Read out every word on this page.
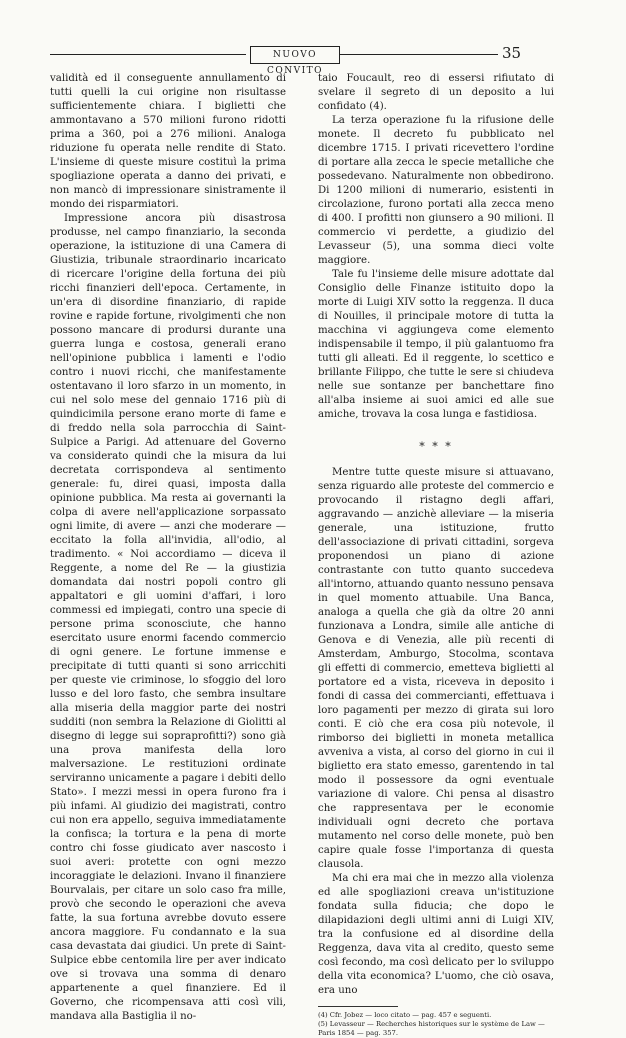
NUOVO CONVITO
35

validità ed il conseguente annullamento di tutti quelli la cui origine non risultasse sufficientemente chiara. I biglietti che ammontavano a 570 milioni furono ridotti prima a 360, poi a 276 milioni. Analoga riduzione fu operata nelle rendite di Stato. L'insieme di queste misure costituì la prima spogliazione operata a danno dei privati, e non mancò di impressionare sinistramente il mondo dei risparmiatori.

Impressione ancora più disastrosa produsse, nel campo finanziario, la seconda operazione, la istituzione di una Camera di Giustizia, tribunale straordinario incaricato di ricercare l'origine della fortuna dei più ricchi finanzieri dell'epoca. Certamente, in un'era di disordine finanziario, di rapide rovine e rapide fortune, rivolgimenti che non possono mancare di prodursi durante una guerra lunga e costosa, generali erano nell'opinione pubblica i lamenti e l'odio contro i nuovi ricchi, che manifestamente ostentavano il loro sfarzo in un momento, in cui nel solo mese del gennaio 1716 più di quindicimila persone erano morte di fame e di freddo nella sola parrocchia di Saint-Sulpice a Parigi. Ad attenuare del Governo va considerato quindi che la misura da lui decretata corrispondeva al sentimento generale: fu, direi quasi, imposta dalla opinione pubblica. Ma resta ai governanti la colpa di avere nell'applicazione sorpassato ogni limite, di avere — anzi che moderare — eccitato la folla all'invidia, all'odio, al tradimento. « Noi accordiamo — diceva il Reggente, a nome del Re — la giustizia domandata dai nostri popoli contro gli appaltatori e gli uomini d'affari, i loro commessi ed impiegati, contro una specie di persone prima sconosciute, che hanno esercitato usure enormi facendo commercio di ogni genere. Le fortune immense e precipitate di tutti quanti si sono arricchiti per queste vie criminose, lo sfoggio del loro lusso e del loro fasto, che sembra insultare alla miseria della maggior parte dei nostri sudditi (non sembra la Relazione di Giolitti al disegno di legge sui sopraprofitti?) sono già una prova manifesta della loro malversazione. Le restituzioni ordinate serviranno unicamente a pagare i debiti dello Stato». I mezzi messi in opera furono fra i più infami. Al giudizio dei magistrati, contro cui non era appello, seguiva immediatamente la confisca; la tortura e la pena di morte contro chi fosse giudicato aver nascosto i suoi averi: protette con ogni mezzo incoraggiate le delazioni. Invano il finanziere Bourvalais, per citare un solo caso fra mille, provò che secondo le operazioni che aveva fatte, la sua fortuna avrebbe dovuto essere ancora maggiore. Fu condannato e la sua casa devastata dai giudici. Un prete di Saint-Sulpice ebbe centomila lire per aver indicato ove si trovava una somma di denaro appartenente a quel finanziere. Ed il Governo, che ricompensava atti così vili, mandava alla Bastiglia il no-

taio Foucault, reo di essersi rifiutato di svelare il segreto di un deposito a lui confidato (4).

La terza operazione fu la rifusione delle monete. Il decreto fu pubblicato nel dicembre 1715. I privati ricevettero l'ordine di portare alla zecca le specie metalliche che possedevano. Naturalmente non obbedirono. Di 1200 milioni di numerario, esistenti in circolazione, furono portati alla zecca meno di 400. I profitti non giunsero a 90 milioni. Il commercio vi perdette, a giudizio del Levasseur (5), una somma dieci volte maggiore.

Tale fu l'insieme delle misure adottate dal Consiglio delle Finanze istituito dopo la morte di Luigi XIV sotto la reggenza. Il duca di Nouilles, il principale motore di tutta la macchina vi aggiungeva come elemento indispensabile il tempo, il più galantuomo fra tutti gli alleati. Ed il reggente, lo scettico e brillante Filippo, che tutte le sere si chiudeva nelle sue sontanze per banchettare fino all'alba insieme ai suoi amici ed alle sue amiche, trovava la cosa lunga e fastidiosa.

* * *

Mentre tutte queste misure si attuavano, senza riguardo alle proteste del commercio e provocando il ristagno degli affari, aggravando — anzichè alleviare — la miseria generale, una istituzione, frutto dell'associazione di privati cittadini, sorgeva proponendosi un piano di azione contrastante con tutto quanto succedeva all'intorno, attuando quanto nessuno pensava in quel momento attuabile. Una Banca, analoga a quella che già da oltre 20 anni funzionava a Londra, simile alle antiche di Genova e di Venezia, alle più recenti di Amsterdam, Amburgo, Stocolma, scontava gli effetti di commercio, emetteva biglietti al portatore ed a vista, riceveva in deposito i fondi di cassa dei commercianti, effettuava i loro pagamenti per mezzo di girata sui loro conti. E ciò che era cosa più notevole, il rimborso dei biglietti in moneta metallica avveniva a vista, al corso del giorno in cui il biglietto era stato emesso, garentendo in tal modo il possessore da ogni eventuale variazione di valore. Chi pensa al disastro che rappresentava per le economie individuali ogni decreto che portava mutamento nel corso delle monete, può ben capire quale fosse l'importanza di questa clausola.

Ma chi era mai che in mezzo alla violenza ed alle spogliazioni creava un'istituzione fondata sulla fiducia; che dopo le dilapidazioni degli ultimi anni di Luigi XIV, tra la confusione ed al disordine della Reggenza, dava vita al credito, questo seme così fecondo, ma così delicato per lo sviluppo della vita economica? L'uomo, che ciò osava, era uno

(4) Cfr. Jobez — loco citato — pag. 457 e seguenti.

(5) Levasseur — Recherches historiques sur le système de Law — Paris 1854 — pag. 357.
